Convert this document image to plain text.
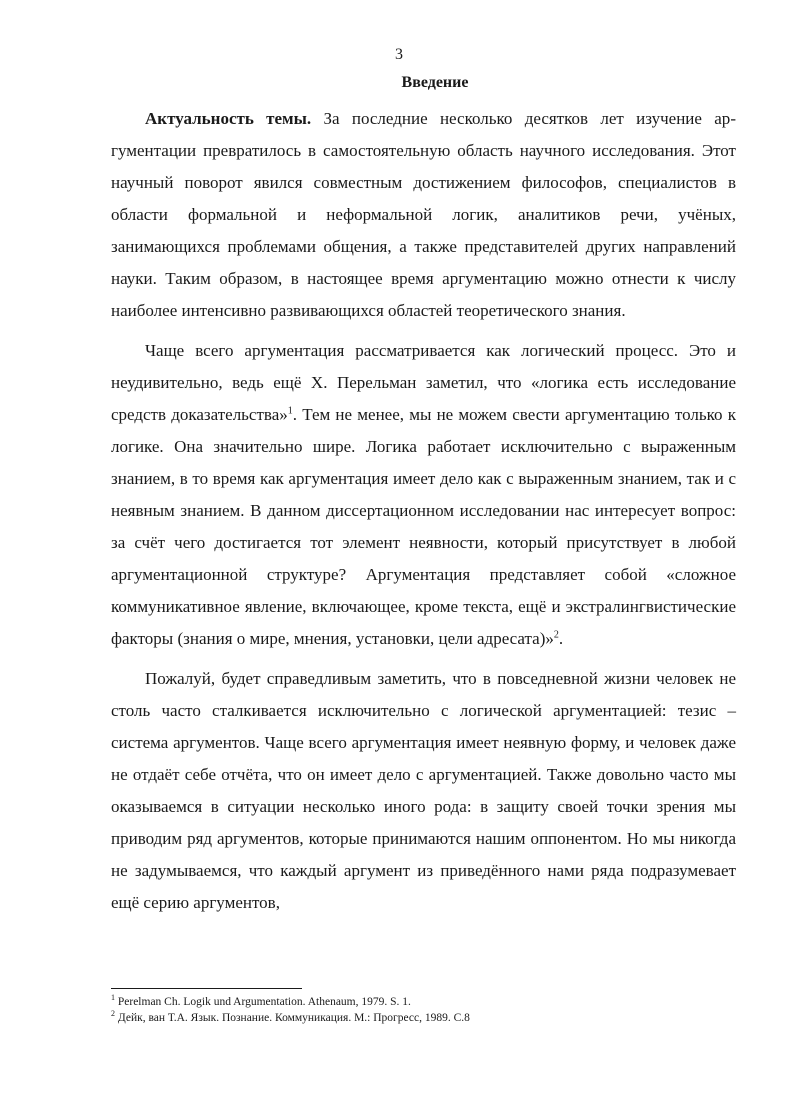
3
Введение

Актуальность темы. За последние несколько десятков лет изучение аргументации превратилось в самостоятельную область научного исследования. Этот научный поворот явился совместным достижением философов, специалистов в области формальной и неформальной логик, аналитиков речи, учёных, занимающихся проблемами общения, а также представителей других направлений науки. Таким образом, в настоящее время аргументацию можно отнести к числу наиболее интенсивно развивающихся областей теоретического знания.

Чаще всего аргументация рассматривается как логический процесс. Это и неудивительно, ведь ещё Х. Перельман заметил, что «логика есть исследование средств доказательства»$^1$. Тем не менее, мы не можем свести аргументацию только к логике. Она значительно шире. Логика работает исключительно с выраженным знанием, в то время как аргументация имеет дело как с выраженным знанием, так и с неявным знанием. В данном диссертационном исследовании нас интересует вопрос: за счёт чего достигается тот элемент неявности, который присутствует в любой аргументационной структуре? Аргументация представляет собой «сложное коммуникативное явление, включающее, кроме текста, ещё и экстралингвистические факторы (знания о мире, мнения, установки, цели адресата)»$^2$.

Пожалуй, будет справедливым заметить, что в повседневной жизни человек не столь часто сталкивается исключительно с логической аргументацией: тезис – система аргументов. Чаще всего аргументация имеет неявную форму, и человек даже не отдаёт себе отчёта, что он имеет дело с аргументацией. Также довольно часто мы оказываемся в ситуации несколько иного рода: в защиту своей точки зрения мы приводим ряд аргументов, которые принимаются нашим оппонентом. Но мы никогда не задумываемся, что каждый аргумент из приведённого нами ряда подразумевает ещё серию аргументов,

$^1$ Perelman Ch. Logik und Argumentation. Athenaum, 1979. S. 1.
$^2$ Дейк, ван Т.А. Язык. Познание. Коммуникация. М.: Прогресс, 1989. С.8
